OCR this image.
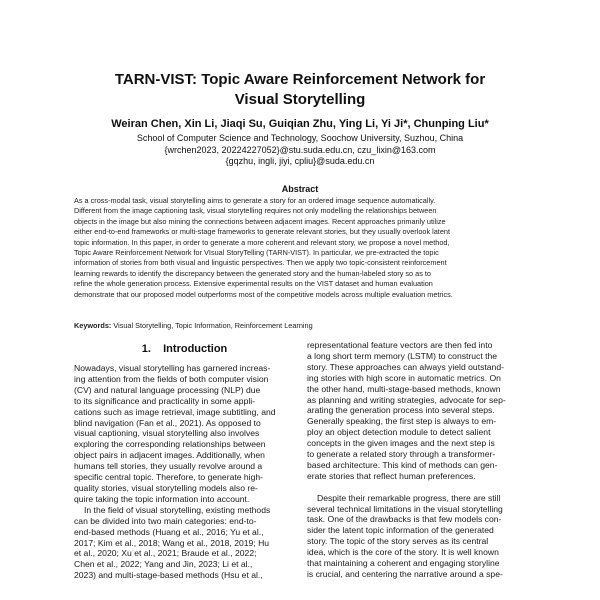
TARN-VIST: Topic Aware Reinforcement Network for
Visual Storytelling
Weiran Chen, Xin Li, Jiaqi Su, Guiqian Zhu, Ying Li, Yi Ji*, Chunping Liu*
School of Computer Science and Technology, Soochow University, Suzhou, China
{wrchen2023, 20224227052}@stu.suda.edu.cn, czu_lixin@163.com
{gqzhu, ingli, jiyi, cpliu}@suda.edu.cn
Abstract
As a cross-modal task, visual storytelling aims to generate a story for an ordered image sequence automatically.
Different from the image captioning task, visual storytelling requires not only modelling the relationships between
objects in the image but also mining the connections between adjacent images. Recent approaches primarily utilize
either end-to-end frameworks or multi-stage frameworks to generate relevant stories, but they usually overlook latent
topic information. In this paper, in order to generate a more coherent and relevant story, we propose a novel method,
Topic Aware Reinforcement Network for VIsual StoryTelling (TARN-VIST). In particular, we pre-extracted the topic
information of stories from both visual and linguistic perspectives. Then we apply two topic-consistent reinforcement
learning rewards to identify the discrepancy between the generated story and the human-labeled story so as to
refine the whole generation process. Extensive experimental results on the VIST dataset and human evaluation
demonstrate that our proposed model outperforms most of the competitive models across multiple evaluation metrics.
Keywords: Visual Storytelling, Topic Information, Reinforcement Learning
1. Introduction
Nowadays, visual storytelling has garnered increas-
ing attention from the fields of both computer vision
(CV) and natural language processing (NLP) due
to its significance and practicality in some appli-
cations such as image retrieval, image subtitling, and
blind navigation (Fan et al., 2021). As opposed to
visual captioning, visual storytelling also involves
exploring the corresponding relationships between
object pairs in adjacent images. Additionally, when
humans tell stories, they usually revolve around a
specific central topic. Therefore, to generate high-
quality stories, visual storytelling models also re-
quire taking the topic information into account.
In the field of visual storytelling, existing methods
can be divided into two main categories: end-to-
end-based methods (Huang et al., 2016; Yu et al.,
2017; Kim et al., 2018; Wang et al., 2018, 2019; Hu
et al., 2020; Xu et al., 2021; Braude et al., 2022;
Chen et al., 2022; Yang and Jin, 2023; Li et al.,
2023) and multi-stage-based methods (Hsu et al.,
representational feature vectors are then fed into
a long short term memory (LSTM) to construct the
story. These approaches can always yield outstand-
ing stories with high score in automatic metrics. On
the other hand, multi-stage-based methods, known
as planning and writing strategies, advocate for sep-
arating the generation process into several steps.
Generally speaking, the first step is always to em-
ploy an object detection module to detect salient
concepts in the given images and the next step is
to generate a related story through a transformer-
based architecture. This kind of methods can gen-
erate stories that reflect human preferences.
Despite their remarkable progress, there are still
several technical limitations in the visual storytelling
task. One of the drawbacks is that few models con-
sider the latent topic information of the generated
story. The topic of the story serves as its central
idea, which is the core of the story. It is well known
that maintaining a coherent and engaging storyline
is crucial, and centering the narrative around a spe-
